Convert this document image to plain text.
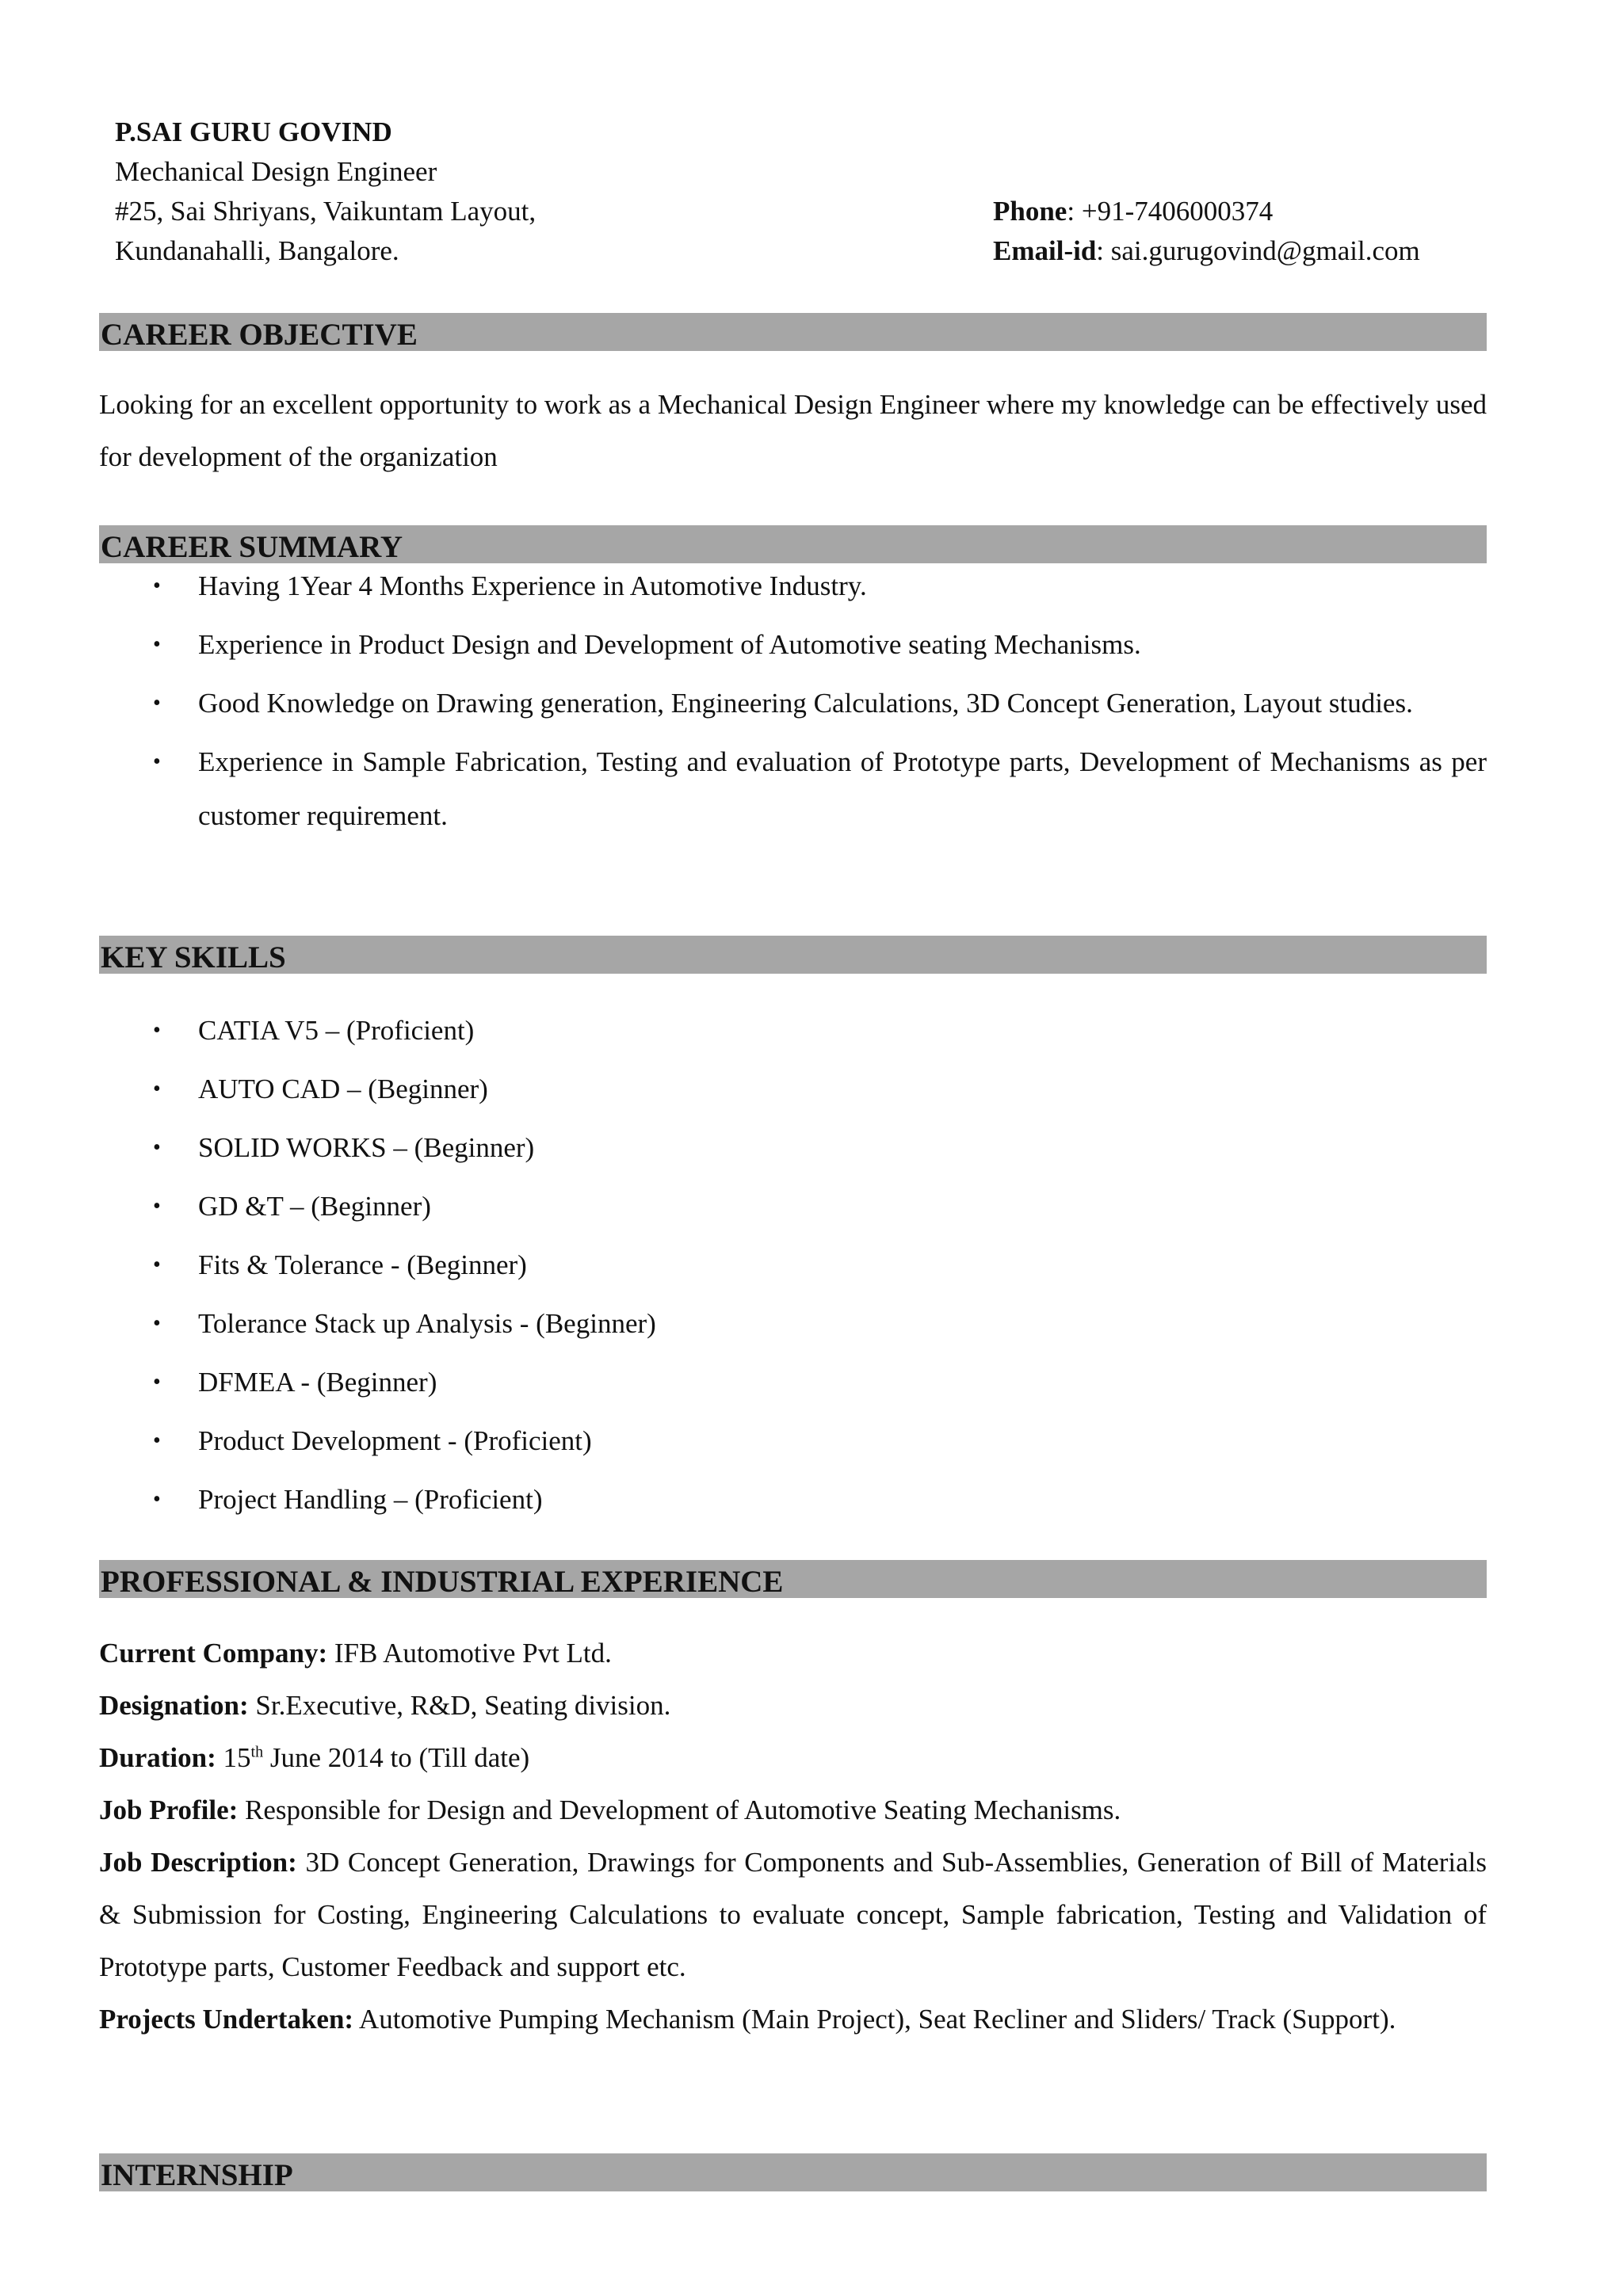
P.SAI GURU GOVIND
Mechanical Design Engineer
#25, Sai Shriyans, Vaikuntam Layout,	Phone: +91-7406000374
Kundanahalli, Bangalore.	Email-id: sai.gurugovind@gmail.com
CAREER OBJECTIVE
Looking for an excellent opportunity to work as a Mechanical Design Engineer where my knowledge can be effectively used for development of the organization
CAREER SUMMARY
• Having 1Year 4 Months Experience in Automotive Industry.
• Experience in Product Design and Development of Automotive seating Mechanisms.
• Good Knowledge on Drawing generation, Engineering Calculations, 3D Concept Generation, Layout studies.
• Experience in Sample Fabrication, Testing and evaluation of Prototype parts, Development of Mechanisms as per customer requirement.
KEY SKILLS
• CATIA V5 – (Proficient)
• AUTO CAD – (Beginner)
• SOLID WORKS – (Beginner)
• GD &T – (Beginner)
• Fits & Tolerance - (Beginner)
• Tolerance Stack up Analysis - (Beginner)
• DFMEA - (Beginner)
• Product Development - (Proficient)
• Project Handling – (Proficient)
PROFESSIONAL & INDUSTRIAL EXPERIENCE

Current Company: IFB Automotive Pvt Ltd.

Designation: Sr.Executive, R&D, Seating division.

Duration: 15th June 2014 to (Till date)

Job Profile: Responsible for Design and Development of Automotive Seating Mechanisms.

Job Description: 3D Concept Generation, Drawings for Components and Sub-Assemblies, Generation of Bill of Materials & Submission for Costing, Engineering Calculations to evaluate concept, Sample fabrication, Testing and Validation of Prototype parts, Customer Feedback and support etc.

Projects Undertaken: Automotive Pumping Mechanism (Main Project), Seat Recliner and Sliders/ Track (Support).

INTERNSHIP
